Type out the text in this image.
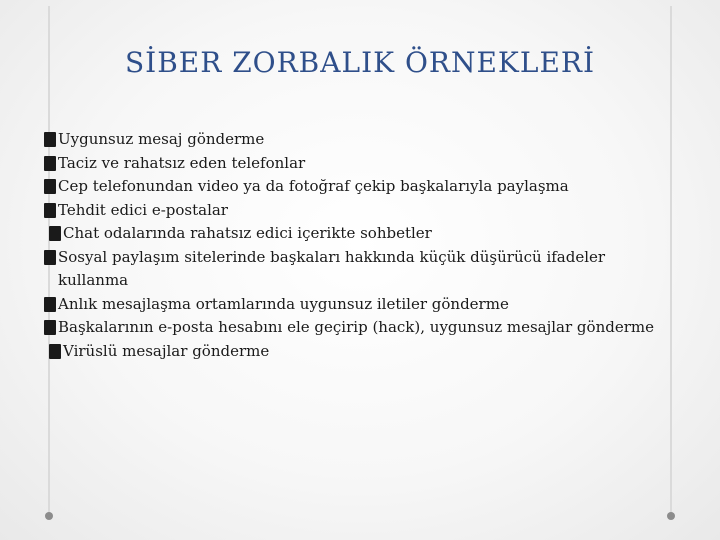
SİBER ZORBALIK ÖRNEKLERİ
Uygunsuz mesaj gönderme
Taciz ve rahatsız eden telefonlar
Cep telefonundan video ya da fotoğraf çekip başkalarıyla paylaşma
Tehdit edici e-postalar
Chat odalarında rahatsız edici içerikte sohbetler
Sosyal paylaşım sitelerinde başkaları hakkında küçük düşürücü ifadeler kullanma
Anlık mesajlaşma ortamlarında uygunsuz iletiler gönderme
Başkalarının e-posta hesabını ele geçirip (hack), uygunsuz mesajlar gönderme
Virüslü mesajlar gönderme
